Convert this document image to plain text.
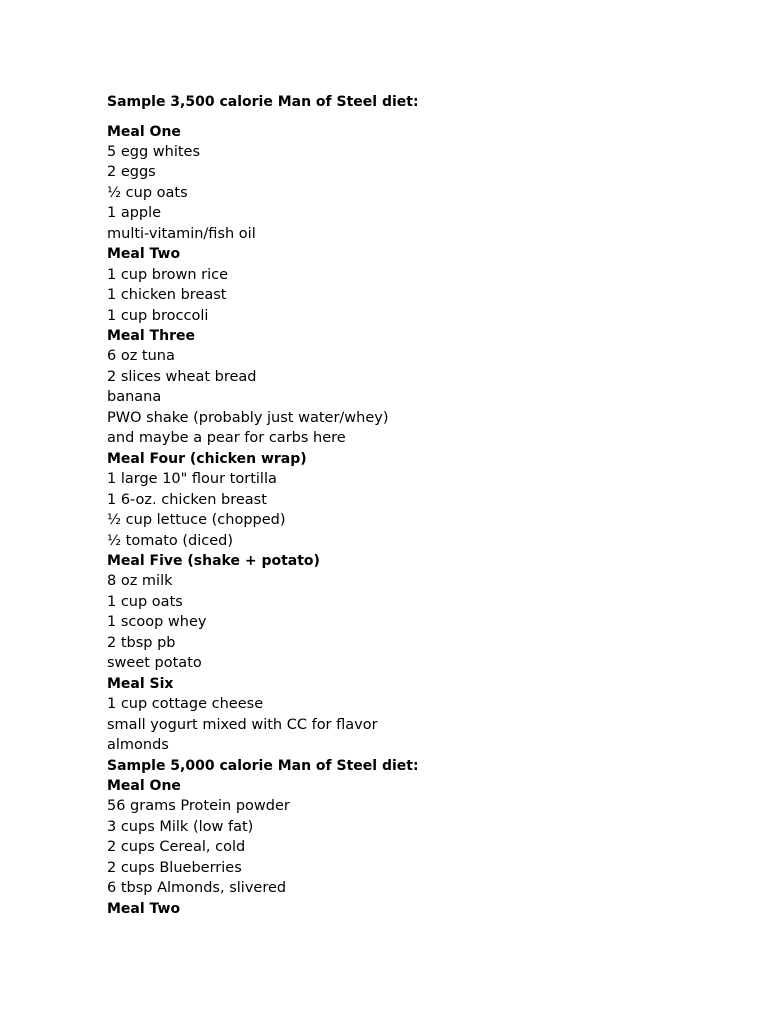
Sample 3,500 calorie Man of Steel diet:
Meal One
5 egg whites
2 eggs
½ cup oats
1 apple
multi-vitamin/fish oil
Meal Two
1 cup brown rice
1 chicken breast
1 cup broccoli
Meal Three
6 oz tuna
2 slices wheat bread
banana
PWO shake (probably just water/whey)
and maybe a pear for carbs here
Meal Four (chicken wrap)
1 large 10" flour tortilla
1 6-oz. chicken breast
½ cup lettuce (chopped)
½ tomato (diced)
Meal Five (shake + potato)
8 oz milk
1 cup oats
1 scoop whey
2 tbsp pb
sweet potato
Meal Six
1 cup cottage cheese
small yogurt mixed with CC for flavor
almonds
Sample 5,000 calorie Man of Steel diet:
Meal One
56 grams Protein powder
3 cups Milk (low fat)
2 cups Cereal, cold
2 cups Blueberries
6 tbsp Almonds, slivered
Meal Two
